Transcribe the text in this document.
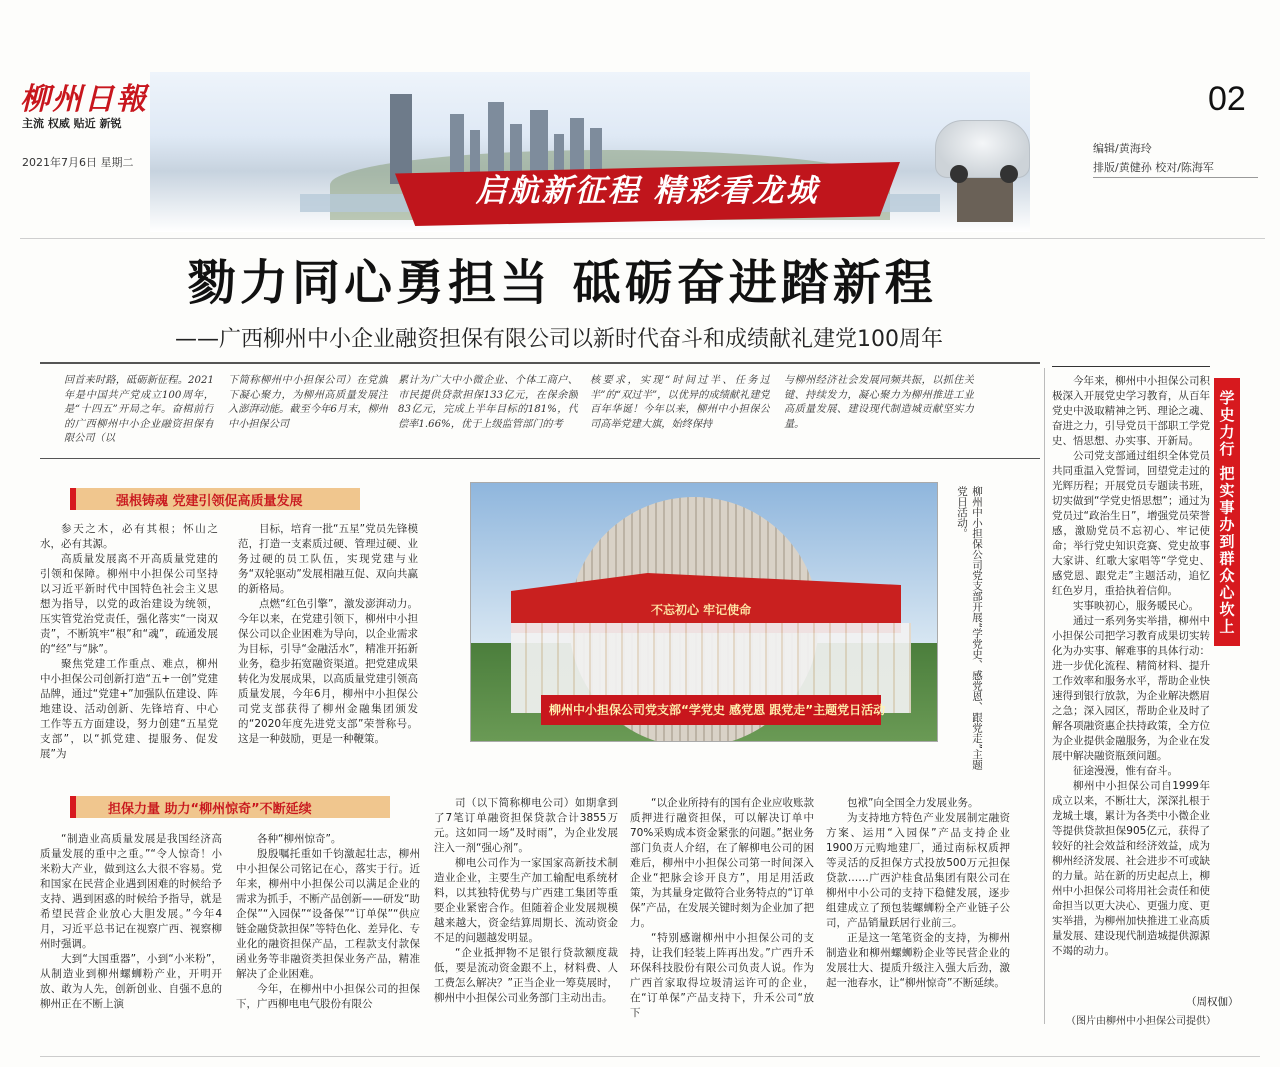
柳州日報
主流 权威 贴近 新锐
2021年7月6日 星期二
02
编辑/黄海玲
排版/黄健孙 校对/陈海军
启航新征程 精彩看龙城
勠力同心勇担当 砥砺奋进踏新程
——广西柳州中小企业融资担保有限公司以新时代奋斗和成绩献礼建党100周年
回首来时路，砥砺新征程。2021年是中国共产党成立100周年，是“十四五”开局之年。奋楫前行的广西柳州中小企业融资担保有限公司（以
下简称柳州中小担保公司）在党旗下凝心聚力，为柳州高质量发展注入澎湃动能。截至今年6月末，柳州中小担保公司
累计为广大中小微企业、个体工商户、市民提供贷款担保133亿元，在保余额83亿元，完成上半年目标的181%，代偿率1.66%，优于上级监管部门的考
核要求，实现“时间过半、任务过半”的“双过半”，以优异的成绩献礼建党百年华诞！今年以来，柳州中小担保公司高举党建大旗，始终保持
与柳州经济社会发展同频共振，以抓住关键、持续发力，凝心聚力为柳州推进工业高质量发展、建设现代制造城贡献坚实力量。
强根铸魂 党建引领促高质量发展

参天之木，必有其根；怀山之水，必有其源。

高质量发展离不开高质量党建的引领和保障。柳州中小担保公司坚持以习近平新时代中国特色社会主义思想为指导，以党的政治建设为统领，压实管党治党责任，强化落实“一岗双责”，不断筑牢“根”和“魂”，疏通发展的“经”与“脉”。

聚焦党建工作重点、难点，柳州中小担保公司创新打造“五+一创”党建品牌，通过“党建+”加强队伍建设、阵地建设、活动创新、先锋培育、中心工作等五方面建设，努力创建“五星党支部”，以“抓党建、提服务、促发展”为

目标，培育一批“五星”党员先锋模范，打造一支素质过硬、管理过硬、业务过硬的员工队伍，实现党建与业务“双轮驱动”发展相融互促、双向共赢的新格局。

点燃“红色引擎”，激发澎湃动力。今年以来，在党建引领下，柳州中小担保公司以企业困难为导向，以企业需求为目标，引导“金融活水”，精准开拓新业务，稳步拓宽融资渠道。把党建成果转化为发展成果，以高质量党建引领高质量发展，今年6月，柳州中小担保公司党支部获得了柳州金融集团颁发的“2020年度先进党支部”荣誉称号。这是一种鼓励，更是一种鞭策。

不忘初心 牢记使命
柳州中小担保公司党支部“学党史 感党恩 跟党走”主题党日活动	柳州中小担保公司党支部开展“学党史、感党恩、跟党走”主题党日活动。
担保力量 助力“柳州惊奇”不断延续

“制造业高质量发展是我国经济高质量发展的重中之重。”“令人惊奇！小米粉大产业，做到这么大很不容易。党和国家在民营企业遇到困难的时候给予支持、遇到困惑的时候给予指导，就是希望民营企业放心大胆发展。”今年4月，习近平总书记在视察广西、视察柳州时强调。

大到“大国重器”，小到“小米粉”，从制造业到柳州螺蛳粉产业，开明开放、敢为人先，创新创业、自强不息的柳州正在不断上演

各种“柳州惊奇”。

殷殷嘱托重如千钧激起壮志，柳州中小担保公司铭记在心，落实于行。近年来，柳州中小担保公司以满足企业的需求为抓手，不断产品创新——研发“助企保”“入园保”“设备保”“订单保”“供应链金融贷款担保”等特色化、差异化、专业化的融资担保产品，工程款支付款保函业务等非融资类担保业务产品，精准解决了企业困难。

今年，在柳州中小担保公司的担保下，广西柳电电气股份有限公

司（以下简称柳电公司）如期拿到了7笔订单融资担保贷款合计3855万元。这如同一场“及时雨”，为企业发展注入一剂“强心剂”。

柳电公司作为一家国家高新技术制造业企业，主要生产加工输配电系统材料，以其独特优势与广西建工集团等重要企业紧密合作。但随着企业发展规模越来越大，资金结算周期长、流动资金不足的问题越发明显。

“企业抵押物不足银行贷款额度裁低，要是流动资金跟不上，材料费、人工费怎么解决？”正当企业一筹莫展时，柳州中小担保公司业务部门主动出击。

“以企业所持有的国有企业应收账款质押进行融资担保，可以解决订单中70%采购成本资金紧张的问题。”据业务部门负责人介绍，在了解柳电公司的困难后，柳州中小担保公司第一时间深入企业“把脉会诊开良方”，用足用活政策，为其量身定做符合业务特点的“订单保”产品，在发展关键时刻为企业加了把力。

“特别感谢柳州中小担保公司的支持，让我们轻装上阵再出发。”广西升禾环保科技股份有限公司负责人说。作为广西首家取得垃圾清运许可的企业，在“订单保”产品支持下，升禾公司“放下

包袱”向全国全力发展业务。

为支持地方特色产业发展制定融资方案、运用“入园保”产品支持企业1900万元购地建厂，通过南标权质押等灵活的反担保方式投放500万元担保贷款……广西沪桂食品集团有限公司在柳州中小公司的支持下稳健发展，逐步组建成立了预包装螺蛳粉全产业链子公司，产品销量跃居行业前三。

正是这一笔笔资金的支持，为柳州制造业和柳州螺蛳粉企业等民营企业的发展壮大、提质升级注入强大后劲，激起一池春水，让“柳州惊奇”不断延续。

今年来，柳州中小担保公司积极深入开展党史学习教育，从百年党史中汲取精神之钙、理论之魂、奋进之力，引导党员干部职工学党史、悟思想、办实事、开新局。

公司党支部通过组织全体党员共同重温入党誓词，回望党走过的光辉历程；开展党员专题读书班，切实做到“学党史悟思想”；通过为党员过“政治生日”，增强党员荣誉感，激励党员不忘初心、牢记使命；举行党史知识竞赛、党史故事大家讲、红歌大家唱等“学党史、感党恩、跟党走”主题活动，追忆红色岁月，重拾执着信仰。

实事映初心，服务暖民心。

通过一系列务实举措，柳州中小担保公司把学习教育成果切实转化为办实事、解难事的具体行动：进一步优化流程、精简材料、提升工作效率和服务水平，帮助企业快速得到银行放款，为企业解决燃眉之急；深入园区，帮助企业及时了解各项融资惠企扶持政策，全方位为企业提供金融服务，为企业在发展中解决融资瓶颈问题。

征途漫漫，惟有奋斗。

柳州中小担保公司自1999年成立以来，不断壮大，深深扎根于龙城土壤，累计为各类中小微企业等提供贷款担保905亿元，获得了较好的社会效益和经济效益，成为柳州经济发展、社会进步不可或缺的力量。站在新的历史起点上，柳州中小担保公司将用社会责任和使命担当以更大决心、更强力度、更实举措，为柳州加快推进工业高质量发展、建设现代制造城提供源源不竭的动力。

学史力行 把实事办到群众心坎上
（周权伽）
（图片由柳州中小担保公司提供）
